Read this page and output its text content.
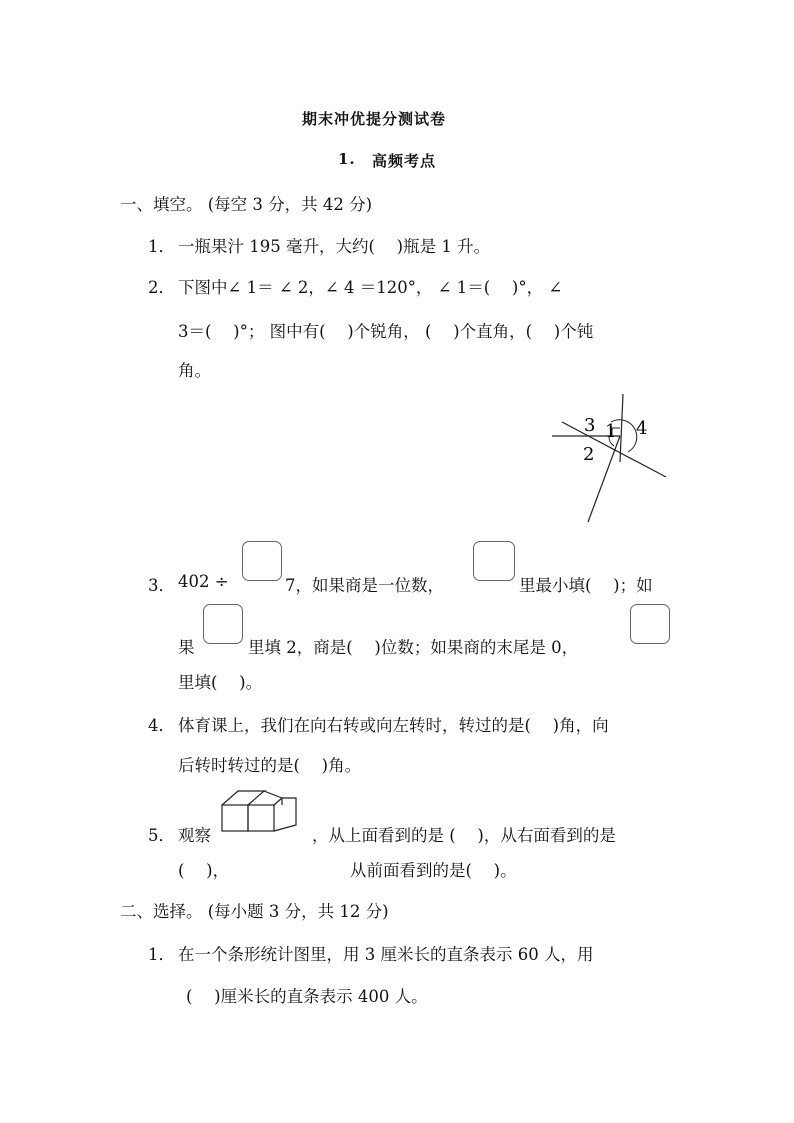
期末冲优提分测试卷
1. 高频考点
一、填空。 (每空 3 分，共 42 分)
1． 一瓶果汁 195 毫升，大约(　 )瓶是 1 升。
2． 下图中∠ 1＝ ∠ 2，∠ 4 ＝120°， ∠ 1＝(　 )°， ∠
3＝(　 )°； 图中有(　 )个锐角， (　 )个直角，(　 )个钝
角。
1
2
3 4
3． 402 ÷	7，如果商是一位数，	里最小填(　 )；如
果	里填 2，商是(　 )位数；如果商的末尾是 0，
里填(　 )。
4． 体育课上，我们在向右转或向左转时，转过的是(　 )角，向
后转时转过的是(　 )角。
5． 观察	，从上面看到的是 (　 )，从右面看到的是
(　 )，	从前面看到的是(　 )。
二、选择。 (每小题 3 分，共 12 分)
1． 在一个条形统计图里，用 3 厘米长的直条表示 60 人，用
(　 )厘米长的直条表示 400 人。
